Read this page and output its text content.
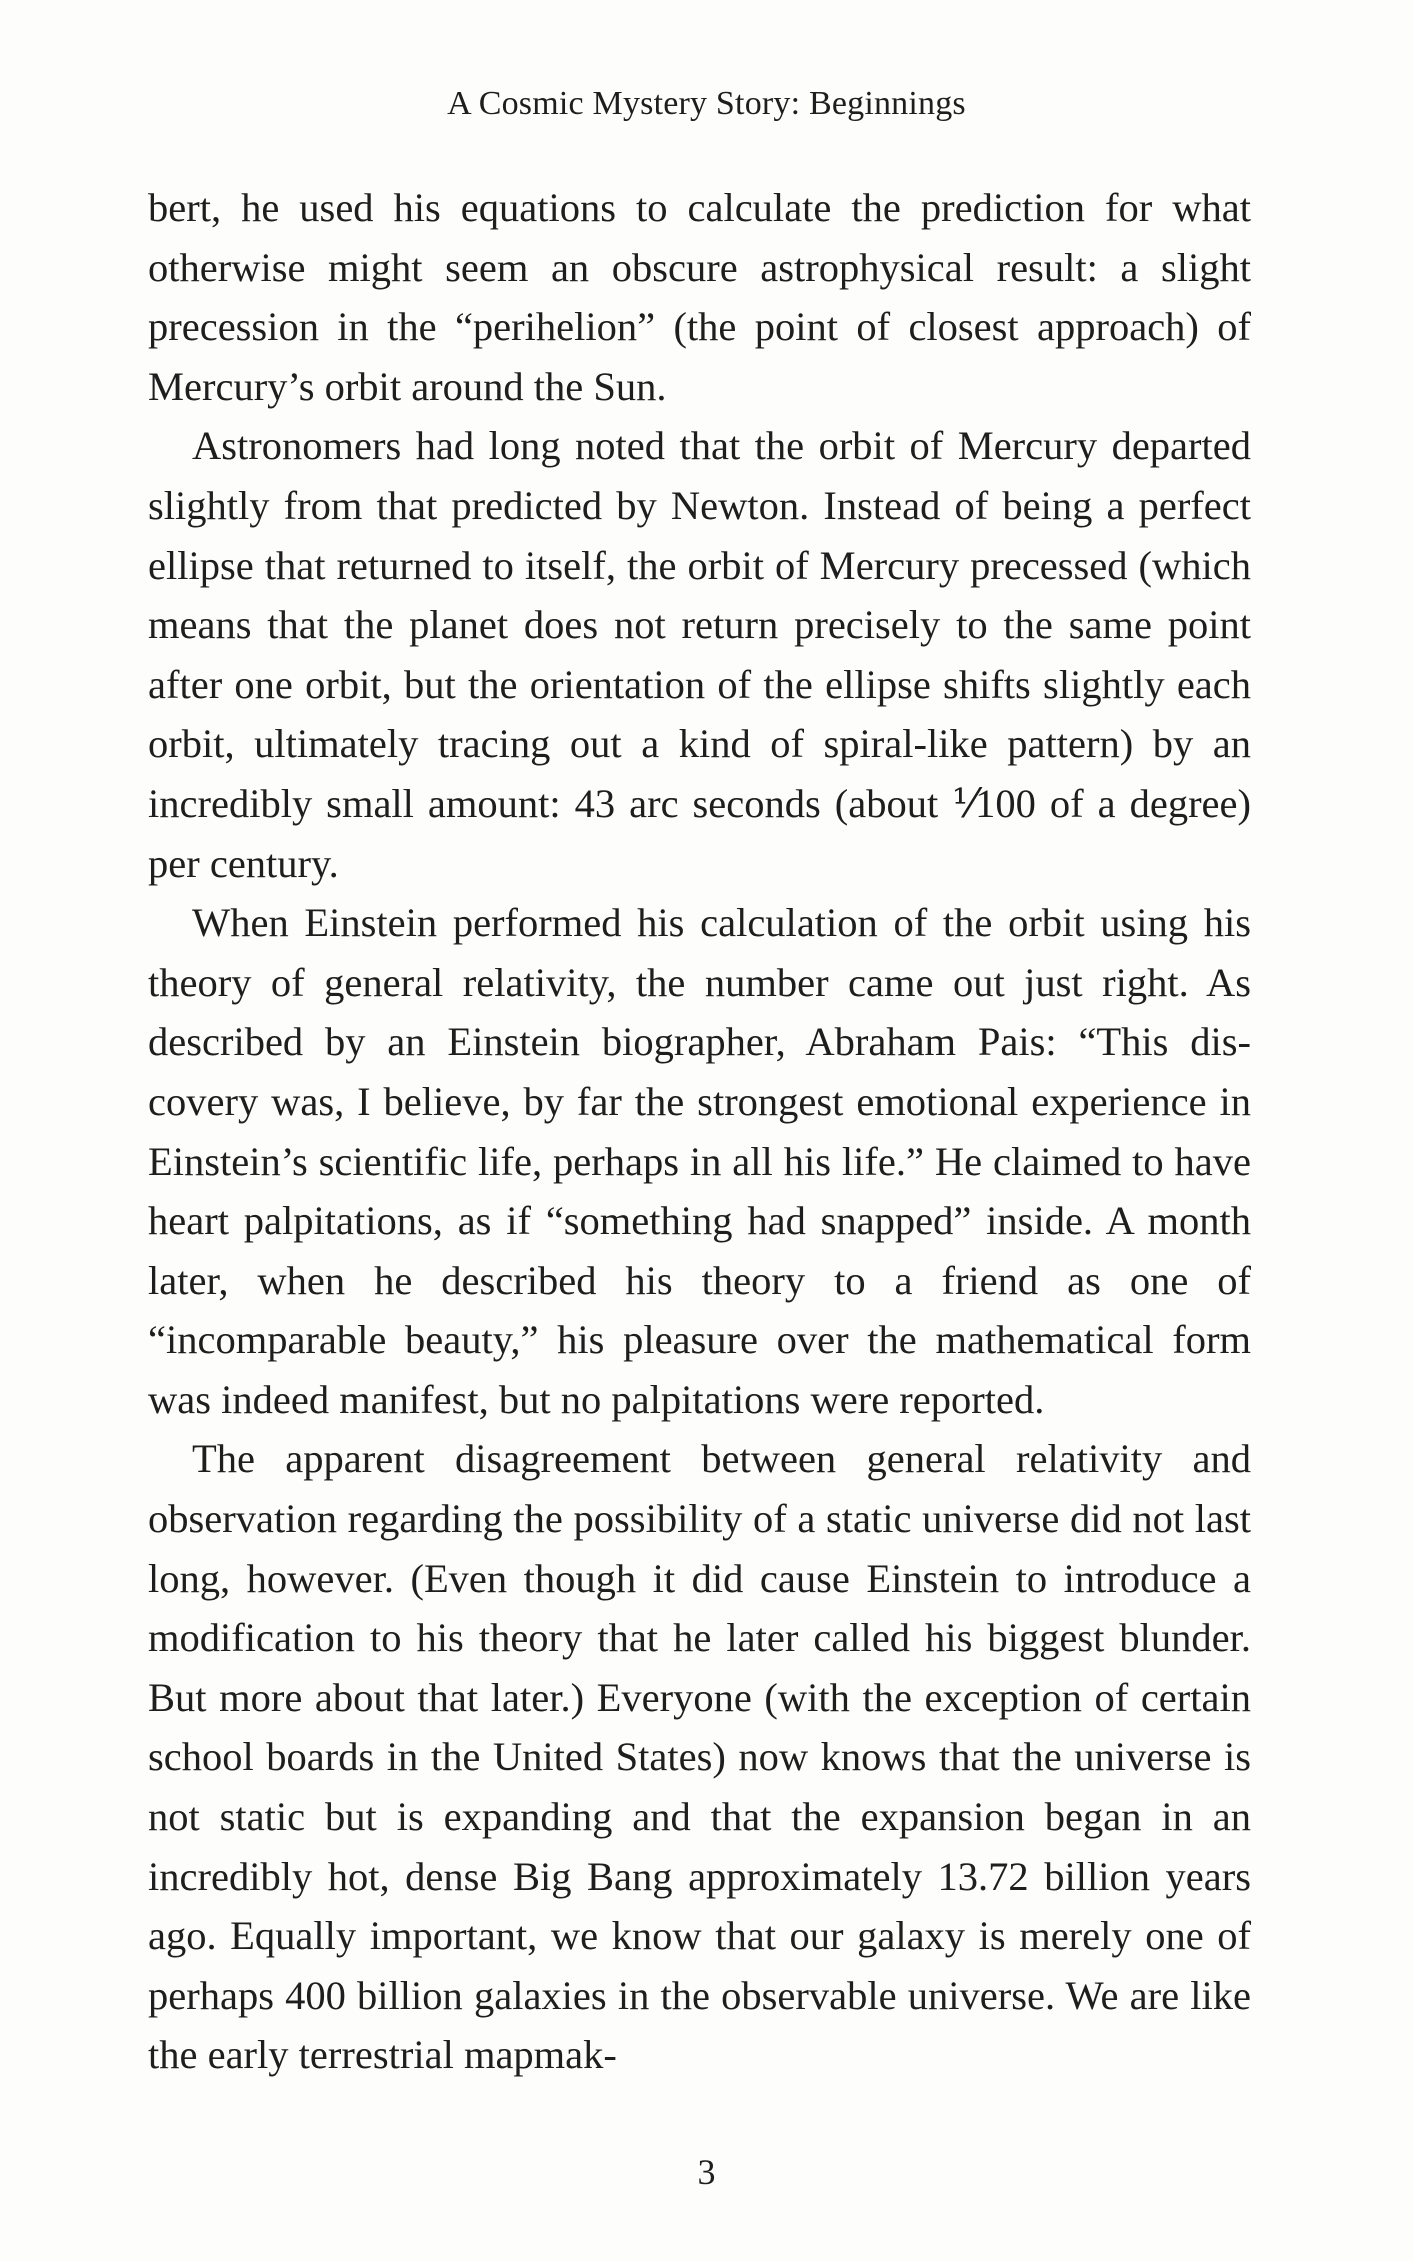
A Cosmic Mystery Story: Beginnings

bert, he used his equations to calculate the prediction for what otherwise might seem an obscure astrophysical result: a slight precession in the “perihelion” (the point of closest approach) of Mercury’s orbit around the Sun.

Astronomers had long noted that the orbit of Mercury departed slightly from that predicted by Newton. Instead of being a perfect ellipse that returned to itself, the orbit of Mercury precessed (which means that the planet does not return precisely to the same point after one orbit, but the orientation of the ellipse shifts slightly each orbit, ultimately tracing out a kind of spiral-like pattern) by an incredibly small amount: 43 arc seconds (about ⅟100 of a degree) per century.

When Einstein performed his calculation of the orbit using his theory of general relativity, the number came out just right. As described by an Einstein biographer, Abraham Pais: “This discovery was, I believe, by far the strongest emotional experience in Einstein’s scientific life, perhaps in all his life.” He claimed to have heart palpitations, as if “something had snapped” inside. A month later, when he described his theory to a friend as one of “incomparable beauty,” his pleasure over the mathematical form was indeed manifest, but no palpitations were reported.

The apparent disagreement between general relativity and observation regarding the possibility of a static universe did not last long, however. (Even though it did cause Einstein to introduce a modification to his theory that he later called his biggest blunder. But more about that later.) Everyone (with the exception of certain school boards in the United States) now knows that the universe is not static but is expanding and that the expansion began in an incredibly hot, dense Big Bang approximately 13.72 billion years ago. Equally important, we know that our galaxy is merely one of perhaps 400 billion galaxies in the observable universe. We are like the early terrestrial mapmak-

3
